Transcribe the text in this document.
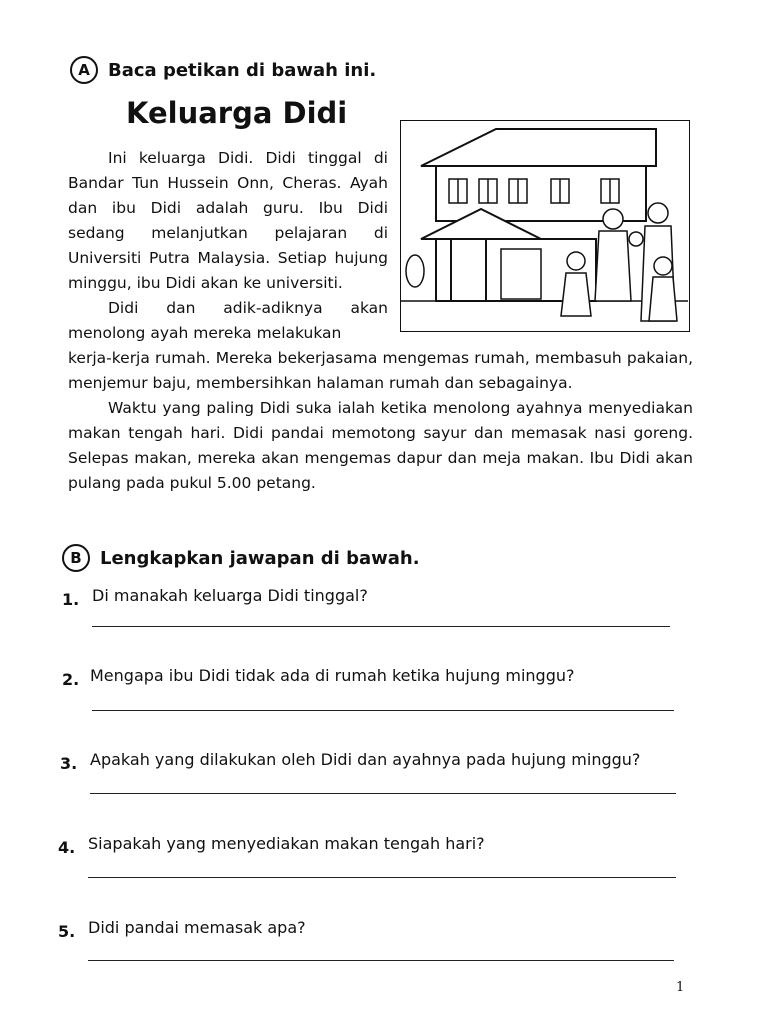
A	Baca petikan di bawah ini.
Keluarga Didi

Ini keluarga Didi. Didi tinggal di Bandar Tun Hussein Onn, Cheras. Ayah dan ibu Didi adalah guru. Ibu Didi sedang melanjutkan pelajaran di Universiti Putra Malaysia. Setiap hujung minggu, ibu Didi akan ke universiti.

Didi dan adik-adiknya akan menolong ayah mereka melakukan

kerja-kerja rumah. Mereka bekerjasama mengemas rumah, membasuh pakaian, menjemur baju, membersihkan halaman rumah dan sebagainya.

Waktu yang paling Didi suka ialah ketika menolong ayahnya menyediakan makan tengah hari. Didi pandai memotong sayur dan memasak nasi goreng. Selepas makan, mereka akan mengemas dapur dan meja makan. Ibu Didi akan pulang pada pukul 5.00 petang.

B	Lengkapkan jawapan di bawah.
1. Di manakah keluarga Didi tinggal?
2. Mengapa ibu Didi tidak ada di rumah ketika hujung minggu?
3. Apakah yang dilakukan oleh Didi dan ayahnya pada hujung minggu?
4. Siapakah yang menyediakan makan tengah hari?
5. Didi pandai memasak apa?
1
